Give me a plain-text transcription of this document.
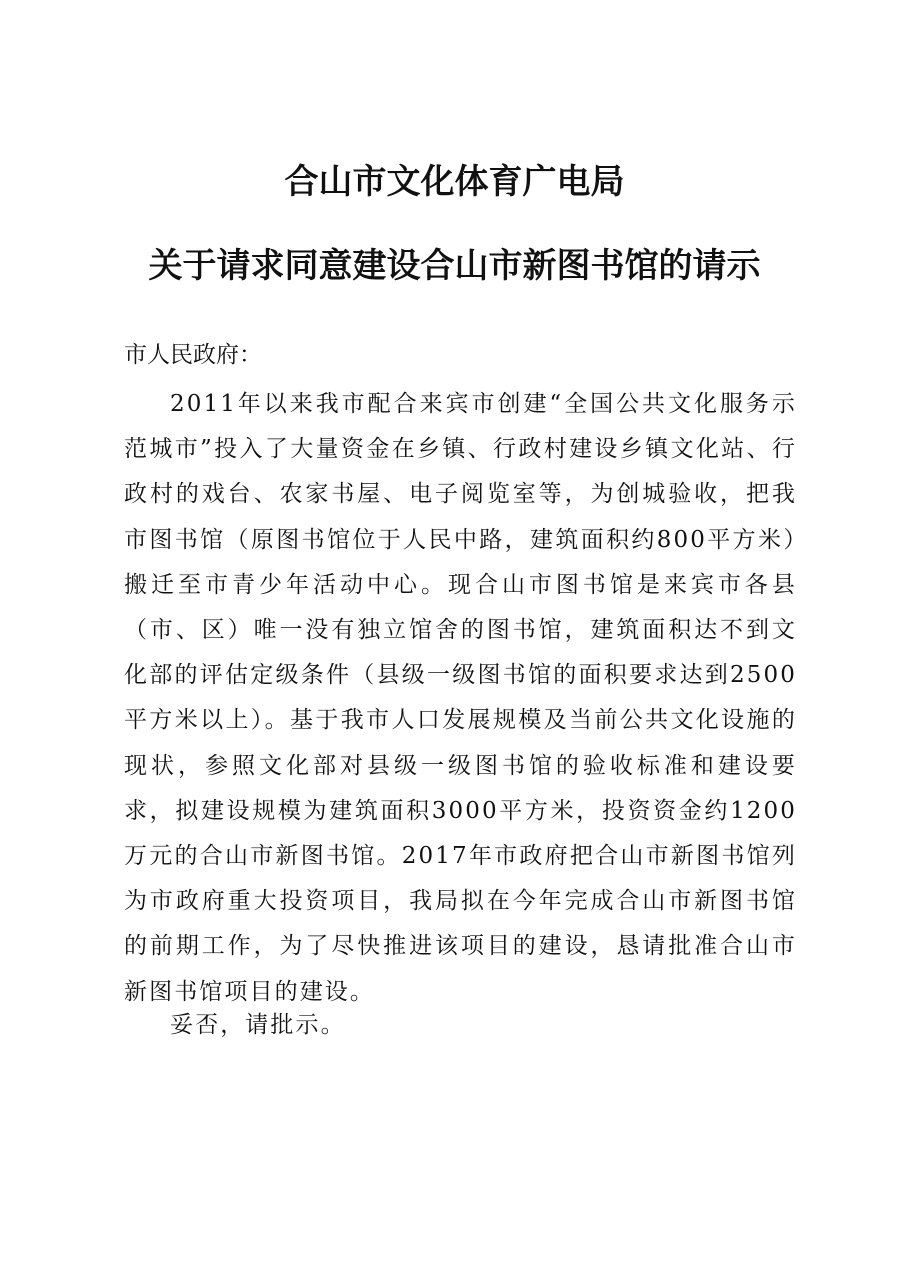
合山市文化体育广电局
关于请求同意建设合山市新图书馆的请示

市人民政府：

2011年以来我市配合来宾市创建“全国公共文化服务示范城市”投入了大量资金在乡镇、行政村建设乡镇文化站、行政村的戏台、农家书屋、电子阅览室等，为创城验收，把我市图书馆（原图书馆位于人民中路，建筑面积约800平方米）搬迁至市青少年活动中心。现合山市图书馆是来宾市各县（市、区）唯一没有独立馆舍的图书馆，建筑面积达不到文化部的评估定级条件（县级一级图书馆的面积要求达到2500平方米以上）。基于我市人口发展规模及当前公共文化设施的现状，参照文化部对县级一级图书馆的验收标准和建设要求，拟建设规模为建筑面积3000平方米，投资资金约1200万元的合山市新图书馆。2017年市政府把合山市新图书馆列为市政府重大投资项目，我局拟在今年完成合山市新图书馆的前期工作，为了尽快推进该项目的建设，恳请批准合山市新图书馆项目的建设。

妥否，请批示。
